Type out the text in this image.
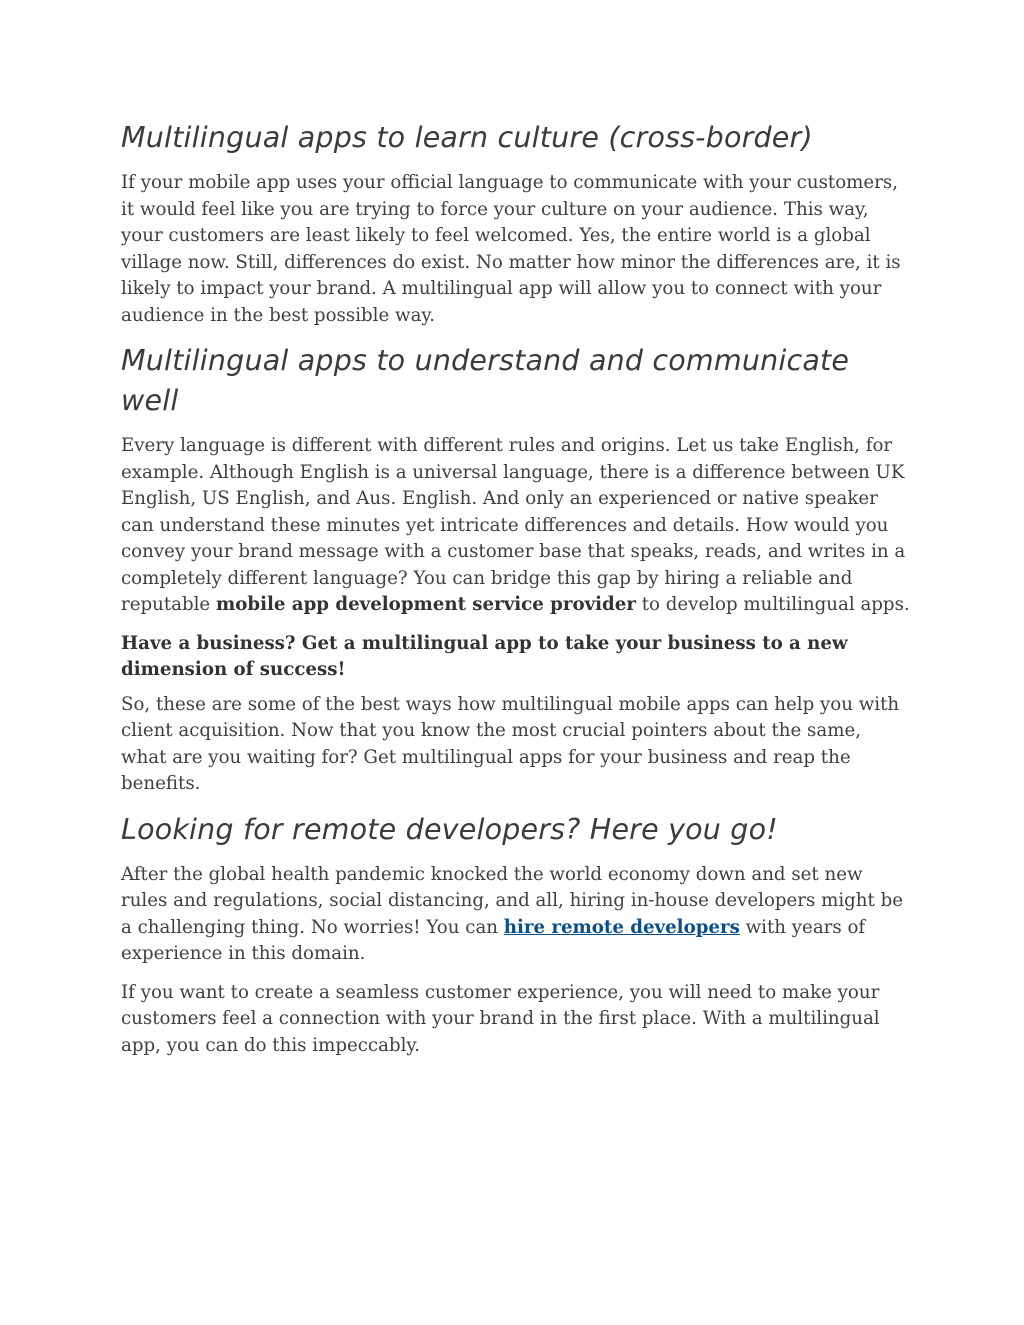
Multilingual apps to learn culture (cross-border)

If your mobile app uses your official language to communicate with your customers, it would feel like you are trying to force your culture on your audience. This way, your customers are least likely to feel welcomed. Yes, the entire world is a global village now. Still, differences do exist. No matter how minor the differences are, it is likely to impact your brand. A multilingual app will allow you to connect with your audience in the best possible way.

Multilingual apps to understand and communicate well

Every language is different with different rules and origins. Let us take English, for example. Although English is a universal language, there is a difference between UK English, US English, and Aus. English. And only an experienced or native speaker can understand these minutes yet intricate differences and details. How would you convey your brand message with a customer base that speaks, reads, and writes in a completely different language? You can bridge this gap by hiring a reliable and reputable mobile app development service provider to develop multilingual apps.

Have a business? Get a multilingual app to take your business to a new dimension of success!

So, these are some of the best ways how multilingual mobile apps can help you with client acquisition. Now that you know the most crucial pointers about the same, what are you waiting for? Get multilingual apps for your business and reap the benefits.

Looking for remote developers? Here you go!

After the global health pandemic knocked the world economy down and set new rules and regulations, social distancing, and all, hiring in-house developers might be a challenging thing. No worries! You can hire remote developers with years of experience in this domain.

If you want to create a seamless customer experience, you will need to make your customers feel a connection with your brand in the first place. With a multilingual app, you can do this impeccably.
